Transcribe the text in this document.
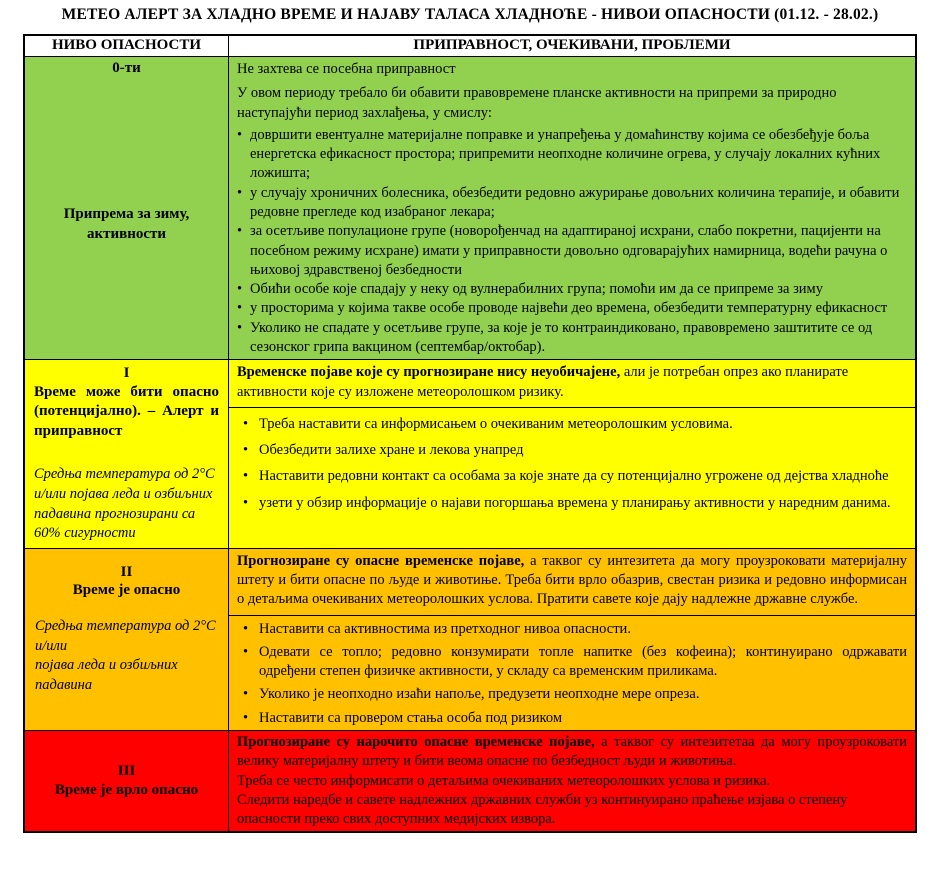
МЕТЕО АЛЕРТ ЗА ХЛАДНО ВРЕМЕ И НАЈАВУ ТАЛАСА ХЛАДНОЋЕ - НИВОИ ОПАСНОСТИ (01.12. - 28.02.)
НИВО ОПАСНОСТИ	ПРИПРАВНОСТ, ОЧЕКИВАНИ, ПРОБЛЕМИ
0-ти
Припрема за зиму, активности
Не захтева се посебна приправност
У овом периоду требало би обавити правовремене планске активности на припреми за природно наступајући период захлађења, у смислу:
• довршити евентуалне материјалне поправке и унапређења у домаћинству којима се обезбеђује боља енергетска ефикасност простора; припремити неопходне количине огрева, у случају локалних кућних ложишта;
• у случају хроничних болесника, обезбедити редовно ажурирање довољних количина терапије, и обавити редовне прегледе код изабраног лекара;
• за осетљиве популационе групе (новорођенчад на адаптираној исхрани, слабо покретни, пацијенти на посебном режиму исхране) имати у приправности довољно одговарајућих намирница, водећи рачуна о њиховој здравственој безбедности
• Обићи особе које спадају у неку од вулнерабилних група; помоћи им да се припреме за зиму
• у просторима у којима такве особе проводе највећи део времена, обезбедити температурну ефикасност
• Уколико не спадате у осетљиве групе, за које је то контраиндиковано, правовремено заштитите се од сезонског грипа вакцином (септембар/октобар).
I
Време може бити опасно (потенцијално). – Алерт и приправност
Средња температура од 2°C и/или појава леда и озбиљних падавина прогнозирани са 60% сигурности
Временске појаве које су прогнозиране нису неуобичајене, али је потребан опрез ако планирате активности које су изложене метеоролошком ризику.
• Треба наставити са информисањем о очекиваним метеоролошким условима.
• Обезбедити залихе хране и лекова унапред
• Наставити редовни контакт са особама за које знате да су потенцијално угрожене од дејства хладноће
• узети у обзир информације о најави погоршања времена у планирању активности у наредним данима.
II
Време је опасно
Средња температура од 2°C и/или
појава леда и озбиљних падавина
Прогнозиране су опасне временске појаве, а таквог су интезитета да могу проузроковати материјалну штету и бити опасне по људе и животиње. Треба бити врло обазрив, свестан ризика и редовно информисан о детаљима очекиваних метеоролошких услова. Пратити савете које дају надлежне државне службе.
• Наставити са активностима из претходног нивоа опасности.
• Одевати се топло; редовно конзумирати топле напитке (без кофеина); континуирано одржавати одређени степен физичке активности, у складу са временским приликама.
• Уколико је неопходно изаћи напоље, предузети неопходне мере опреза.
• Наставити са провером стања особа под ризиком
III
Време је врло опасно
Прогнозиране су нарочито опасне временске појаве, а таквог су интезитетаа да могу проузроковати велику материјалну штету и бити веома опасне по безбедност људи и животиња.
Треба се често информисати о детаљима очекиваних метеоролошких услова и ризика.
Следити наредбе и савете надлежних државних служби уз континуирано праћење изјава о степену опасности преко свих доступних медијских извора.
